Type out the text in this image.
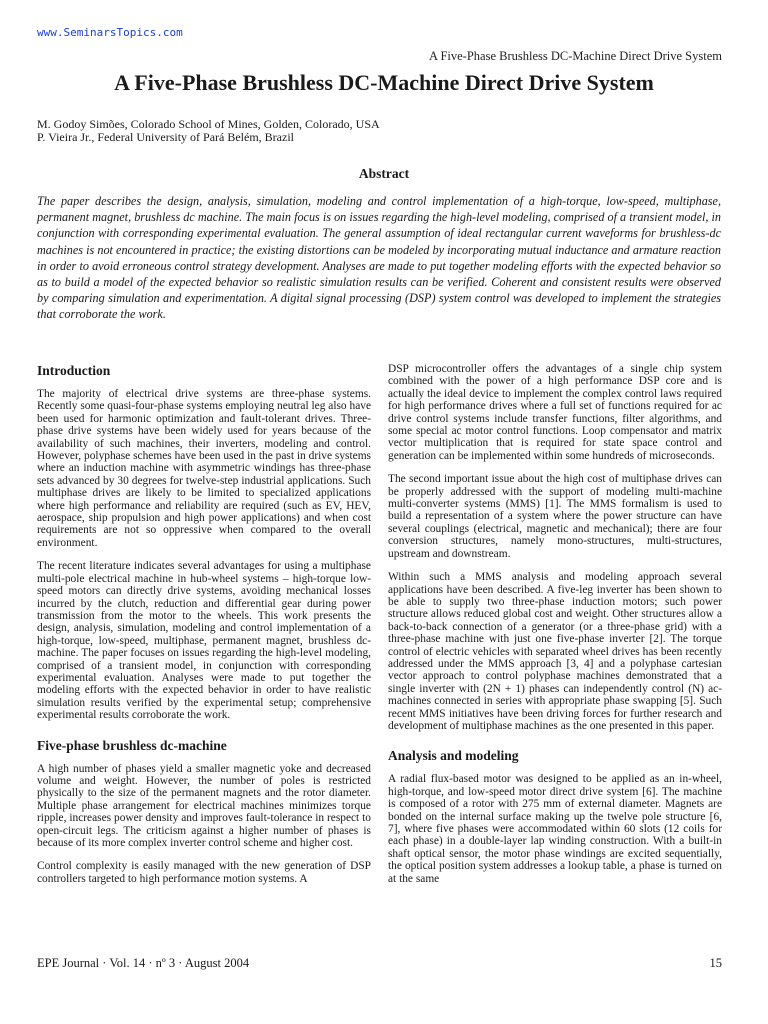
www.SeminarsTopics.com
A Five-Phase Brushless DC-Machine Direct Drive System
A Five-Phase Brushless DC-Machine Direct Drive System
M. Godoy Simões, Colorado School of Mines, Golden, Colorado, USA
P. Vieira Jr., Federal University of Pará Belém, Brazil
Abstract

The paper describes the design, analysis, simulation, modeling and control implementation of a high-torque, low-speed, multiphase, permanent magnet, brushless dc machine. The main focus is on issues regarding the high-level modeling, comprised of a transient model, in conjunction with corresponding experimental evaluation. The general assumption of ideal rectangular current waveforms for brushless-dc machines is not encountered in practice; the existing distortions can be modeled by incorporating mutual inductance and armature reaction in order to avoid erroneous control strategy development. Analyses are made to put together modeling efforts with the expected behavior so as to build a model of the expected behavior so realistic simulation results can be verified. Coherent and consistent results were observed by comparing simulation and experimentation. A digital signal processing (DSP) system control was developed to implement the strategies that corroborate the work.

Introduction

The majority of electrical drive systems are three-phase systems. Recently some quasi-four-phase systems employing neutral leg also have been used for harmonic optimization and fault-tolerant drives. Three-phase drive systems have been widely used for years because of the availability of such machines, their inverters, modeling and control. However, polyphase schemes have been used in the past in drive systems where an induction machine with asymmetric windings has three-phase sets advanced by 30 degrees for twelve-step industrial applications. Such multiphase drives are likely to be limited to specialized applications where high performance and reliability are required (such as EV, HEV, aerospace, ship propulsion and high power applications) and when cost requirements are not so oppressive when compared to the overall environment.

The recent literature indicates several advantages for using a multiphase multi-pole electrical machine in hub-wheel systems – high-torque low-speed motors can directly drive systems, avoiding mechanical losses incurred by the clutch, reduction and differential gear during power transmission from the motor to the wheels. This work presents the design, analysis, simulation, modeling and control implementation of a high-torque, low-speed, multiphase, permanent magnet, brushless dc-machine. The paper focuses on issues regarding the high-level modeling, comprised of a transient model, in conjunction with corresponding experimental evaluation. Analyses were made to put together the modeling efforts with the expected behavior in order to have realistic simulation results verified by the experimental setup; comprehensive experimental results corroborate the work.

Five-phase brushless dc-machine

A high number of phases yield a smaller magnetic yoke and decreased volume and weight. However, the number of poles is restricted physically to the size of the permanent magnets and the rotor diameter. Multiple phase arrangement for electrical machines minimizes torque ripple, increases power density and improves fault-tolerance in respect to open-circuit legs. The criticism against a higher number of phases is because of its more complex inverter control scheme and higher cost.

Control complexity is easily managed with the new generation of DSP controllers targeted to high performance motion systems. A

DSP microcontroller offers the advantages of a single chip system combined with the power of a high performance DSP core and is actually the ideal device to implement the complex control laws required for high performance drives where a full set of functions required for ac drive control systems include transfer functions, filter algorithms, and some special ac motor control functions. Loop compensator and matrix vector multiplication that is required for state space control and generation can be implemented within some hundreds of microseconds.

The second important issue about the high cost of multiphase drives can be properly addressed with the support of modeling multi-machine multi-converter systems (MMS) [1]. The MMS formalism is used to build a representation of a system where the power structure can have several couplings (electrical, magnetic and mechanical); there are four conversion structures, namely mono-structures, multi-structures, upstream and downstream.

Within such a MMS analysis and modeling approach several applications have been described. A five-leg inverter has been shown to be able to supply two three-phase induction motors; such power structure allows reduced global cost and weight. Other structures allow a back-to-back connection of a generator (or a three-phase grid) with a three-phase machine with just one five-phase inverter [2]. The torque control of electric vehicles with separated wheel drives has been recently addressed under the MMS approach [3, 4] and a polyphase cartesian vector approach to control polyphase machines demonstrated that a single inverter with (2N + 1) phases can independently control (N) ac-machines connected in series with appropriate phase swapping [5]. Such recent MMS initiatives have been driving forces for further research and development of multiphase machines as the one presented in this paper.

Analysis and modeling

A radial flux-based motor was designed to be applied as an in-wheel, high-torque, and low-speed motor direct drive system [6]. The machine is composed of a rotor with 275 mm of external diameter. Magnets are bonded on the internal surface making up the twelve pole structure [6, 7], where five phases were accommodated within 60 slots (12 coils for each phase) in a double-layer lap winding construction. With a built-in shaft optical sensor, the motor phase windings are excited sequentially, the optical position system addresses a lookup table, a phase is turned on at the same

EPE Journal · Vol. 14 · nº 3 · August 2004	15
